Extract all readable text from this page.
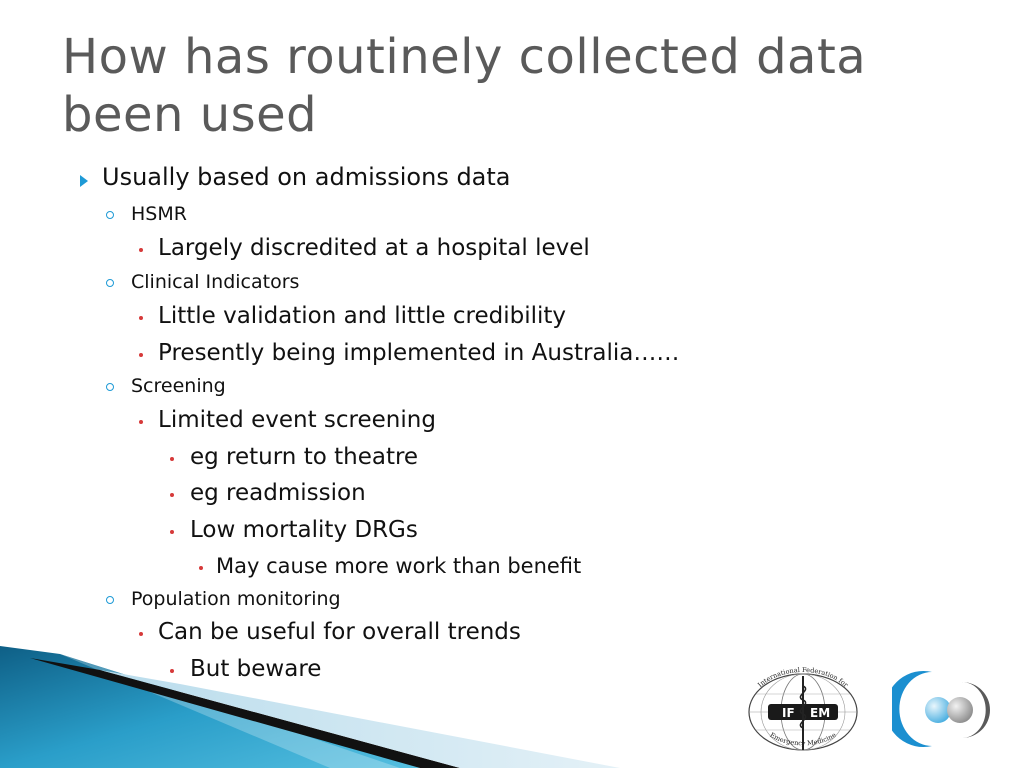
How has routinely collected data been used
Usually based on admissions data
HSMR
Largely discredited at a hospital level
Clinical Indicators
Little validation and little credibility
Presently being implemented in Australia……
Screening
Limited event screening
eg return to theatre
eg readmission
Low mortality DRGs
May cause more work than benefit
Population monitoring
Can be useful for overall trends
But beware
IF EM
International Federation for
Emergency Medicine
